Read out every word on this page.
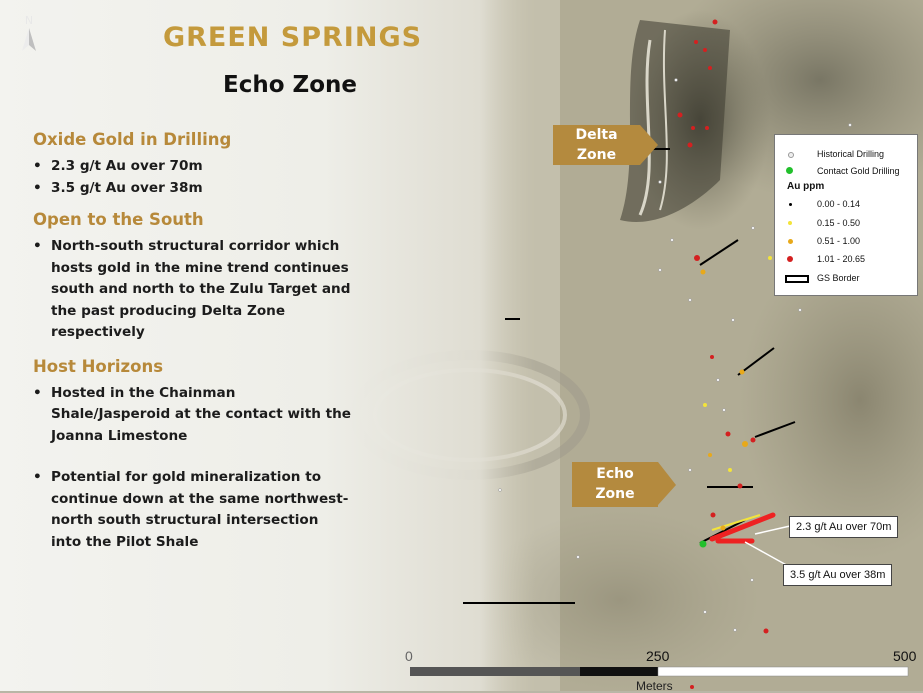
N
GREEN SPRINGS
Echo Zone
Oxide Gold in Drilling
• 2.3 g/t Au over 70m
• 3.5 g/t Au over 38m
Open to the South
• North-south structural corridor which hosts gold in the mine trend continues south and north to the Zulu Target and the past producing Delta Zone respectively
Host Horizons
• Hosted in the Chainman Shale/Jasperoid at the contact with the Joanna Limestone
• Potential for gold mineralization to continue down at the same northwest-north south structural intersection into the Pilot Shale
Delta
Zone
Echo
Zone
Historical Drilling
Contact Gold Drilling
Au ppm
0.00 - 0.14
0.15 - 0.50
0.51 - 1.00
1.01 - 20.65
GS Border
2.3 g/t Au over 70m
3.5 g/t Au over 38m
0	250	500
Meters
